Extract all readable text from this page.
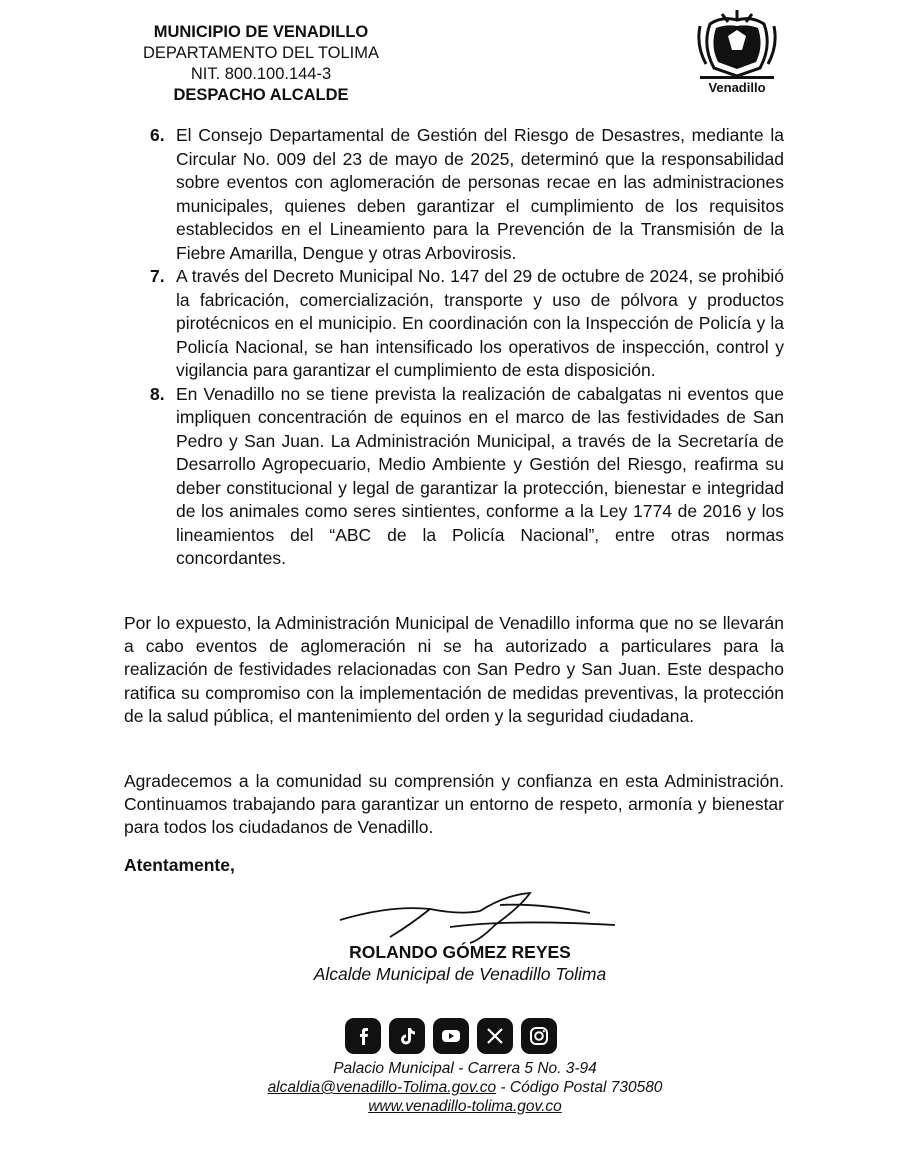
MUNICIPIO DE VENADILLO
DEPARTAMENTO DEL TOLIMA
NIT. 800.100.144-3
DESPACHO ALCALDE	Venadillo
6. El Consejo Departamental de Gestión del Riesgo de Desastres, mediante la Circular No. 009 del 23 de mayo de 2025, determinó que la responsabilidad sobre eventos con aglomeración de personas recae en las administraciones municipales, quienes deben garantizar el cumplimiento de los requisitos establecidos en el Lineamiento para la Prevención de la Transmisión de la Fiebre Amarilla, Dengue y otras Arbovirosis.
7. A través del Decreto Municipal No. 147 del 29 de octubre de 2024, se prohibió la fabricación, comercialización, transporte y uso de pólvora y productos pirotécnicos en el municipio. En coordinación con la Inspección de Policía y la Policía Nacional, se han intensificado los operativos de inspección, control y vigilancia para garantizar el cumplimiento de esta disposición.
8. En Venadillo no se tiene prevista la realización de cabalgatas ni eventos que impliquen concentración de equinos en el marco de las festividades de San Pedro y San Juan. La Administración Municipal, a través de la Secretaría de Desarrollo Agropecuario, Medio Ambiente y Gestión del Riesgo, reafirma su deber constitucional y legal de garantizar la protección, bienestar e integridad de los animales como seres sintientes, conforme a la Ley 1774 de 2016 y los lineamientos del “ABC de la Policía Nacional”, entre otras normas concordantes.
Por lo expuesto, la Administración Municipal de Venadillo informa que no se llevarán a cabo eventos de aglomeración ni se ha autorizado a particulares para la realización de festividades relacionadas con San Pedro y San Juan. Este despacho ratifica su compromiso con la implementación de medidas preventivas, la protección de la salud pública, el mantenimiento del orden y la seguridad ciudadana.
Agradecemos a la comunidad su comprensión y confianza en esta Administración. Continuamos trabajando para garantizar un entorno de respeto, armonía y bienestar para todos los ciudadanos de Venadillo.
Atentamente,
ROLANDO GÓMEZ REYES
Alcalde Municipal de Venadillo Tolima
Palacio Municipal - Carrera 5 No. 3-94
alcaldia@venadillo-Tolima.gov.co - Código Postal 730580
www.venadillo-tolima.gov.co
